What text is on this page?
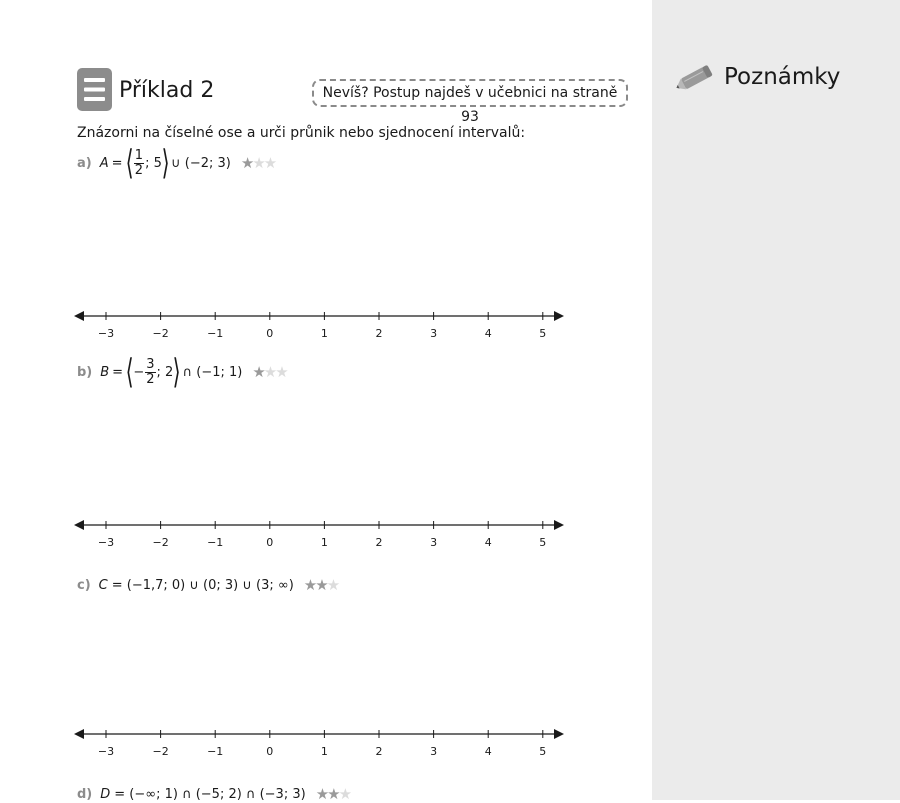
Příklad 2	Nevíš? Postup najdeš v učebnici na straně 93
Znázorni na číselné ose a urči průnik nebo sjednocení intervalů:
a) A = ⟨ $\frac{1}{2}$ ; 5 ⟩ ∪ (−2; 3) ★★★
−3	−2	−1	0	1	2	3	4	5
b) B = ⟨ − $\frac{3}{2}$ ; 2 ⟩ ∩ (−1; 1) ★★★
−3	−2	−1	0	1	2	3	4	5
c) C = (−1,7; 0) ∪ (0; 3) ∪ (3; ∞) ★★★
−3	−2	−1	0	1	2	3	4	5
d) D = (−∞; 1) ∩ (−5; 2) ∩ (−3; 3) ★★★
Poznámky
